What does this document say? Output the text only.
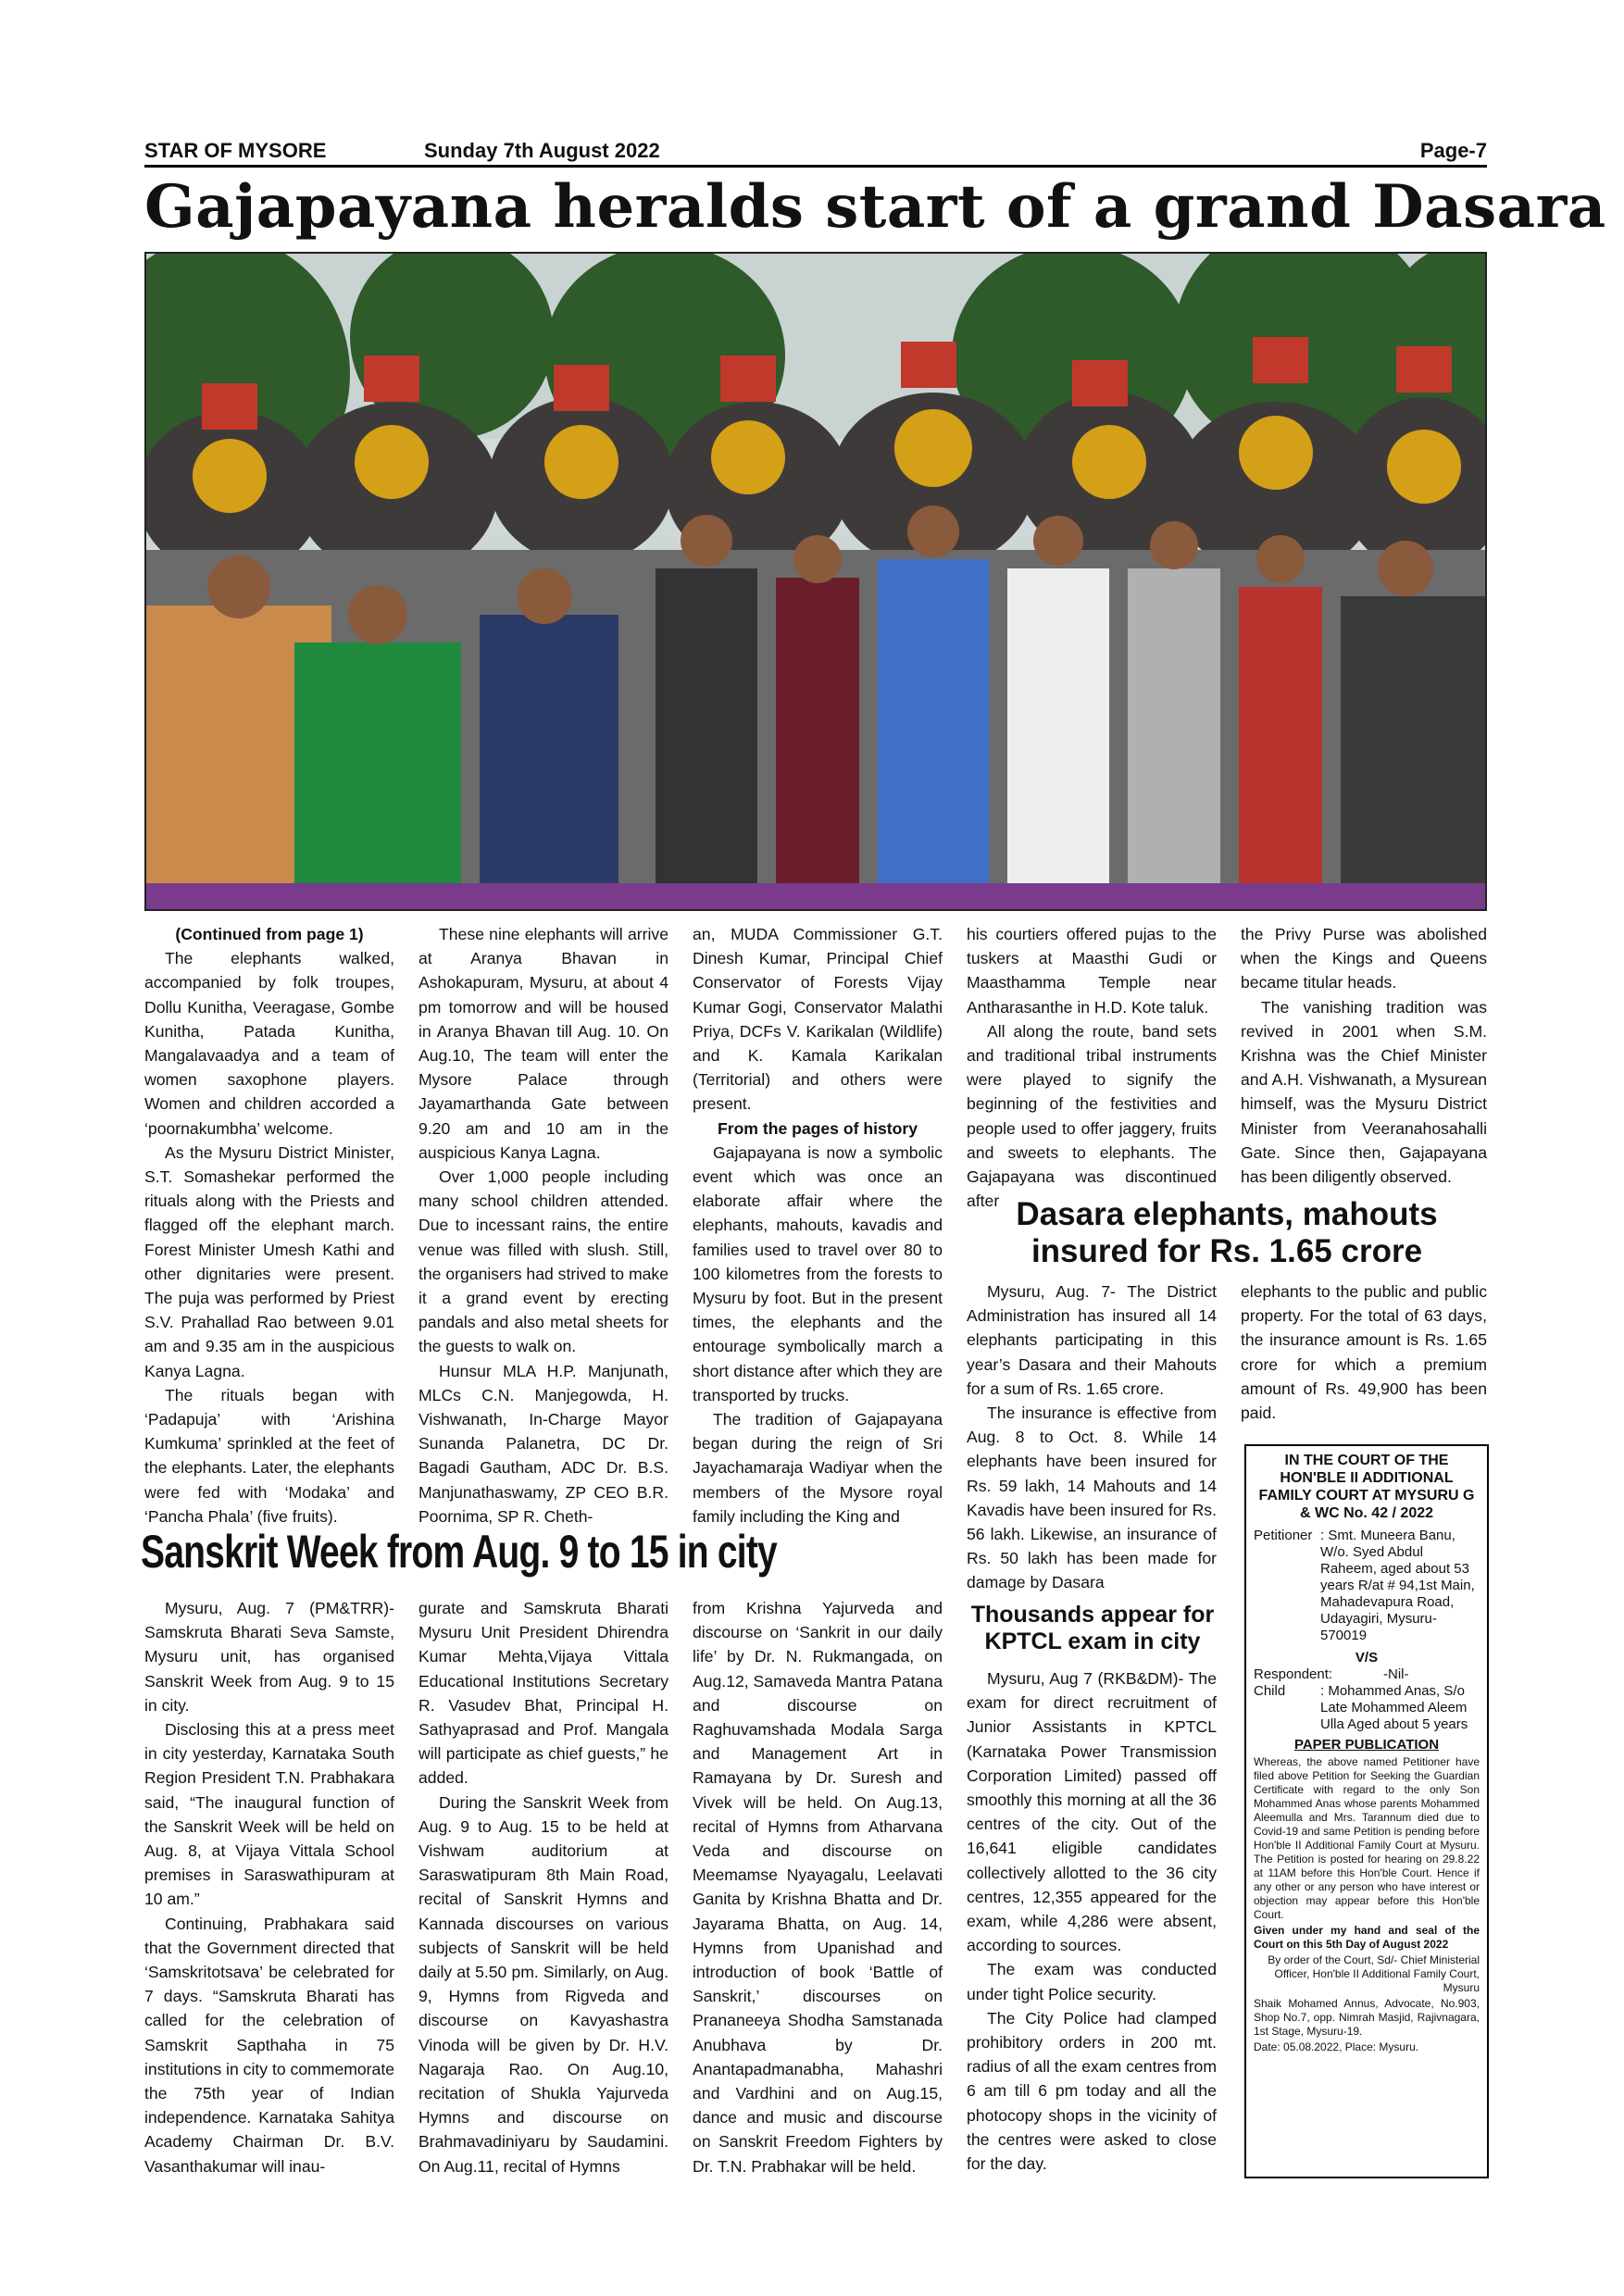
STAR OF MYSORE	Sunday 7th August 2022	Page-7
Gajapayana heralds start of a grand Dasara

(Continued from page 1)

The elephants walked, accompanied by folk troupes, Dollu Kunitha, Veeragase, Gombe Kunitha, Patada Kunitha, Mangalavaadya and a team of women saxophone players. Women and children accorded a ‘poornakumbha’ welcome.

As the Mysuru District Minister, S.T. Somashekar performed the rituals along with the Priests and flagged off the elephant march. Forest Minister Umesh Kathi and other dignitaries were present. The puja was performed by Priest S.V. Prahallad Rao between 9.01 am and 9.35 am in the auspicious Kanya Lagna.

The rituals began with ‘Padapuja’ with ‘Arishina Kumkuma’ sprinkled at the feet of the elephants. Later, the elephants were fed with ‘Modaka’ and ‘Pancha Phala’ (five fruits).

These nine elephants will arrive at Aranya Bhavan in Ashokapuram, Mysuru, at about 4 pm tomorrow and will be housed in Aranya Bhavan till Aug. 10. On Aug.10, The team will enter the Mysore Palace through Jayamarthanda Gate between 9.20 am and 10 am in the auspicious Kanya Lagna.

Over 1,000 people including many school children attended. Due to incessant rains, the entire venue was filled with slush. Still, the organisers had strived to make it a grand event by erecting pandals and also metal sheets for the guests to walk on.

Hunsur MLA H.P. Manjunath, MLCs C.N. Manjegowda, H. Vishwanath, In-Charge Mayor Sunanda Palanetra, DC Dr. Bagadi Gautham, ADC Dr. B.S. Manjunathaswamy, ZP CEO B.R. Poornima, SP R. Cheth-

an, MUDA Commissioner G.T. Dinesh Kumar, Principal Chief Conservator of Forests Vijay Kumar Gogi, Conservator Malathi Priya, DCFs V. Karikalan (Wildlife) and K. Kamala Karikalan (Territorial) and others were present.

From the pages of history

Gajapayana is now a symbolic event which was once an elaborate affair where the elephants, mahouts, kavadis and families used to travel over 80 to 100 kilometres from the forests to Mysuru by foot. But in the present times, the elephants and the entourage symbolically march a short distance after which they are transported by trucks.

The tradition of Gajapayana began during the reign of Sri Jayachamaraja Wadiyar when the members of the Mysore royal family including the King and

his courtiers offered pujas to the tuskers at Maasthi Gudi or Maasthamma Temple near Antharasanthe in H.D. Kote taluk.

All along the route, band sets and traditional tribal instruments were played to signify the beginning of the festivities and people used to offer jaggery, fruits and sweets to elephants. The Gajapayana was discontinued after

the Privy Purse was abolished when the Kings and Queens became titular heads.

The vanishing tradition was revived in 2001 when S.M. Krishna was the Chief Minister and A.H. Vishwanath, a Mysurean himself, was the Mysuru District Minister from Veeranahosahalli Gate. Since then, Gajapayana has been diligently observed.

Dasara elephants, mahouts insured for Rs. 1.65 crore

Mysuru, Aug. 7- The District Administration has insured all 14 elephants participating in this year’s Dasara and their Mahouts for a sum of Rs. 1.65 crore.

The insurance is effective from Aug. 8 to Oct. 8. While 14 elephants have been insured for Rs. 59 lakh, 14 Mahouts and 14 Kavadis have been insured for Rs. 56 lakh. Likewise, an insurance of Rs. 50 lakh has been made for damage by Dasara

elephants to the public and public property. For the total of 63 days, the insurance amount is Rs. 1.65 crore for which a premium amount of Rs. 49,900 has been paid.

Thousands appear for KPTCL exam in city

Mysuru, Aug 7 (RKB&DM)- The exam for direct recruitment of Junior Assistants in KPTCL (Karnataka Power Transmission Corporation Limited) passed off smoothly this morning at all the 36 centres of the city. Out of the 16,641 eligible candidates collectively allotted to the 36 city centres, 12,355 appeared for the exam, while 4,286 were absent, according to sources.

The exam was conducted under tight Police security.

The City Police had clamped prohibitory orders in 200 mt. radius of all the exam centres from 6 am till 6 pm today and all the photocopy shops in the vicinity of the centres were asked to close for the day.

Sanskrit Week from Aug. 9 to 15 in city

Mysuru, Aug. 7 (PM&TRR)- Samskruta Bharati Seva Samste, Mysuru unit, has organised Sanskrit Week from Aug. 9 to 15 in city.

Disclosing this at a press meet in city yesterday, Karnataka South Region President T.N. Prabhakara said, “The inaugural function of the Sanskrit Week will be held on Aug. 8, at Vijaya Vittala School premises in Saraswathipuram at 10 am.”

Continuing, Prabhakara said that the Government directed that ‘Samskritotsava’ be celebrated for 7 days. “Samskruta Bharati has called for the celebration of Samskrit Sapthaha in 75 institutions in city to commemorate the 75th year of Indian independence. Karnataka Sahitya Academy Chairman Dr. B.V. Vasanthakumar will inau-

gurate and Samskruta Bharati Mysuru Unit President Dhirendra Kumar Mehta,Vijaya Vittala Educational Institutions Secretary R. Vasudev Bhat, Principal H. Sathyaprasad and Prof. Mangala will participate as chief guests,” he added.

During the Sanskrit Week from Aug. 9 to Aug. 15 to be held at Vishwam auditorium at Saraswatipuram 8th Main Road, recital of Sanskrit Hymns and Kannada discourses on various subjects of Sanskrit will be held daily at 5.50 pm. Similarly, on Aug. 9, Hymns from Rigveda and discourse on Kavyashastra Vinoda will be given by Dr. H.V. Nagaraja Rao. On Aug.10, recitation of Shukla Yajurveda Hymns and discourse on Brahmavadiniyaru by Saudamini. On Aug.11, recital of Hymns

from Krishna Yajurveda and discourse on ‘Sankrit in our daily life’ by Dr. N. Rukmangada, on Aug.12, Samaveda Mantra Patana and discourse on Raghuvamshada Modala Sarga and Management Art in Ramayana by Dr. Suresh and Vivek will be held. On Aug.13, recital of Hymns from Atharvana Veda and discourse on Meemamse Nyayagalu, Leelavati Ganita by Krishna Bhatta and Dr. Jayarama Bhatta, on Aug. 14, Hymns from Upanishad and introduction of book ‘Battle of Sanskrit,’ discourses on Prananeeya Shodha Samstanada Anubhava by Dr. Anantapadmanabha, Mahashri and Vardhini and on Aug.15, dance and music and discourse on Sanskrit Freedom Fighters by Dr. T.N. Prabhakar will be held.

IN THE COURT OF THE HON'BLE II ADDITIONAL FAMILY COURT AT MYSURU G & WC No. 42 / 2022
Petitioner : Smt. Muneera Banu, W/o. Syed Abdul Raheem, aged about 53 years R/at # 94,1st Main, Mahadevapura Road, Udayagiri, Mysuru-570019
V/S
Respondent:	-Nil-
Child	: Mohammed Anas, S/o Late Mohammed Aleem Ulla Aged about 5 years
PAPER PUBLICATION
Whereas, the above named Petitioner have filed above Petition for Seeking the Guardian Certificate with regard to the only Son Mohammed Anas whose parents Mohammed Aleemulla and Mrs. Tarannum died due to Covid-19 and same Petition is pending before Hon'ble II Additional Family Court at Mysuru. The Petition is posted for hearing on 29.8.22 at 11AM before this Hon'ble Court. Hence if any other or any person who have interest or objection may appear before this Hon'ble Court.
Given under my hand and seal of the Court on this 5th Day of August 2022
By order of the Court, Sd/- Chief Ministerial Officer, Hon'ble II Additional Family Court, Mysuru
Shaik Mohamed Annus, Advocate, No.903, Shop No.7, opp. Nimrah Masjid, Rajivnagara, 1st Stage, Mysuru-19.
Date: 05.08.2022, Place: Mysuru.
